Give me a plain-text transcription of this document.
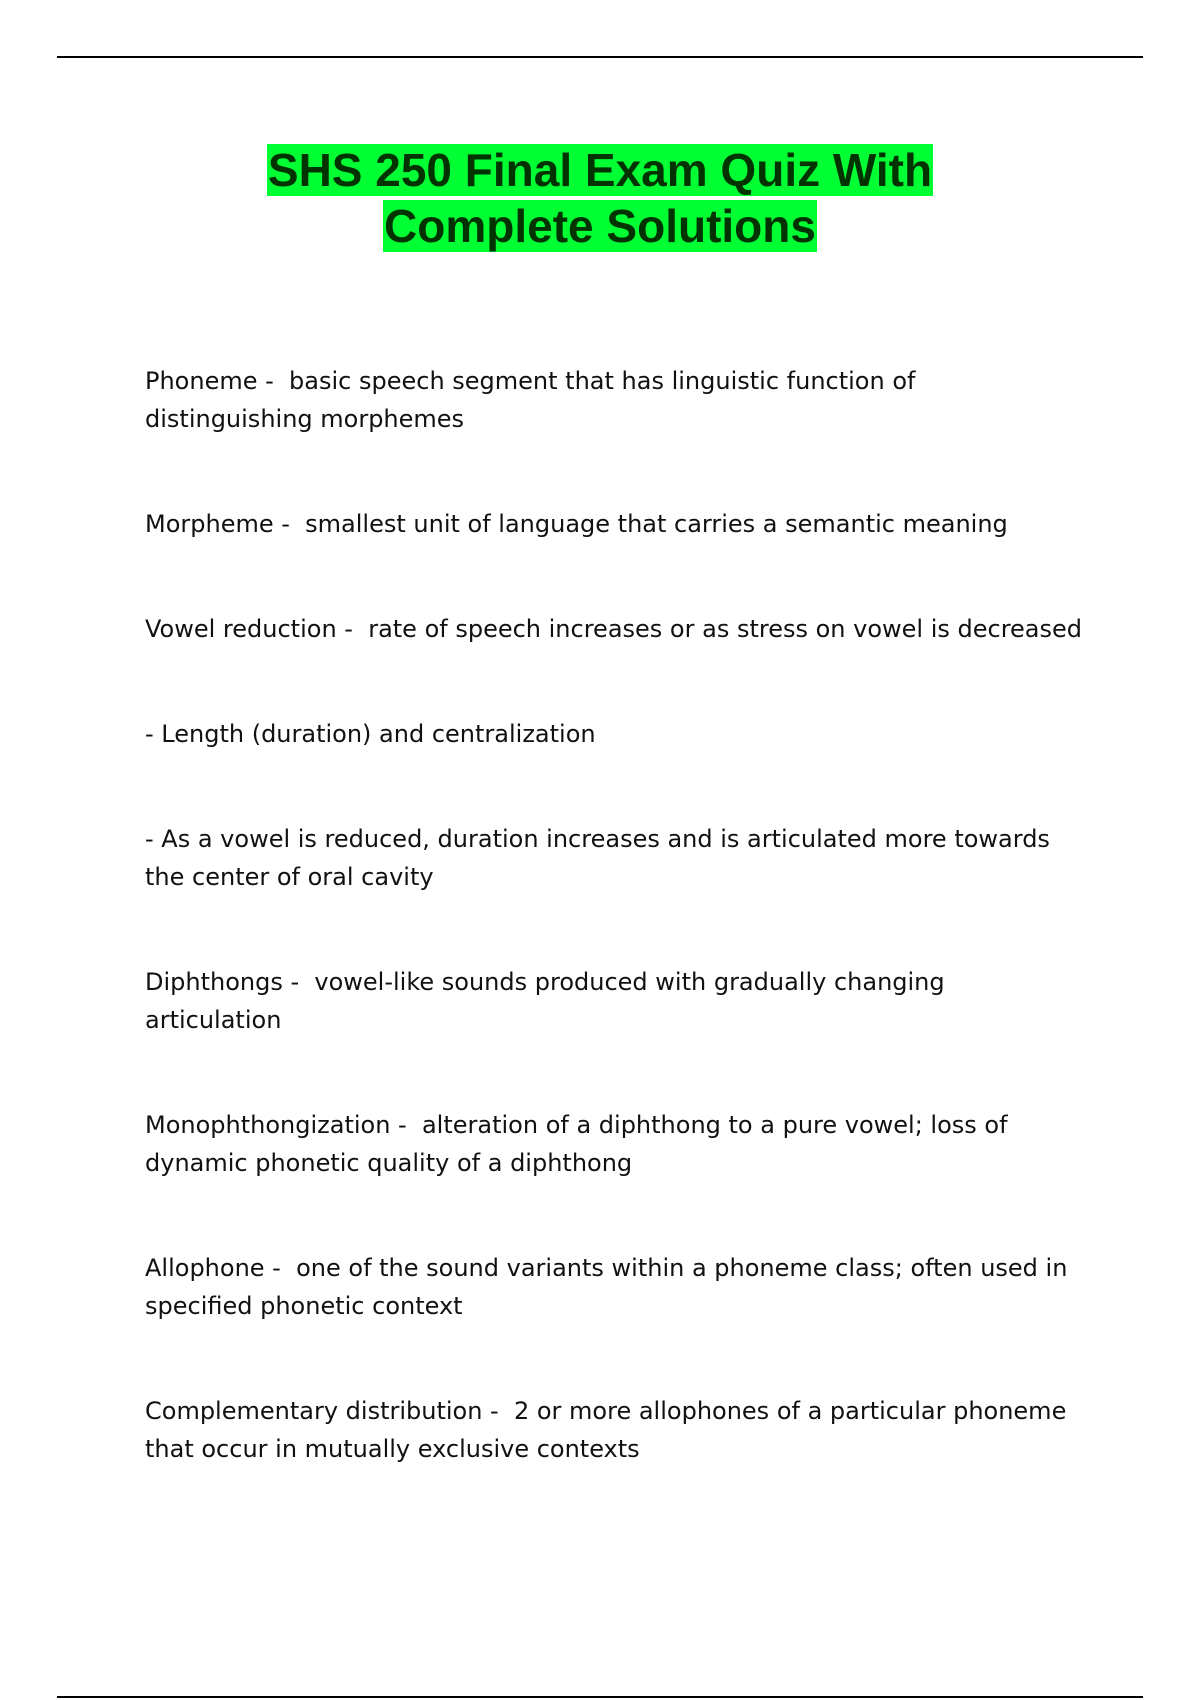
SHS 250 Final Exam Quiz With
Complete Solutions

Phoneme -  basic speech segment that has linguistic function of distinguishing morphemes

Morpheme -  smallest unit of language that carries a semantic meaning

Vowel reduction -  rate of speech increases or as stress on vowel is decreased

- Length (duration) and centralization

- As a vowel is reduced, duration increases and is articulated more towards the center of oral cavity

Diphthongs -  vowel-like sounds produced with gradually changing articulation

Monophthongization -  alteration of a diphthong to a pure vowel; loss of dynamic phonetic quality of a diphthong

Allophone -  one of the sound variants within a phoneme class; often used in specified phonetic context

Complementary distribution -  2 or more allophones of a particular phoneme that occur in mutually exclusive contexts
